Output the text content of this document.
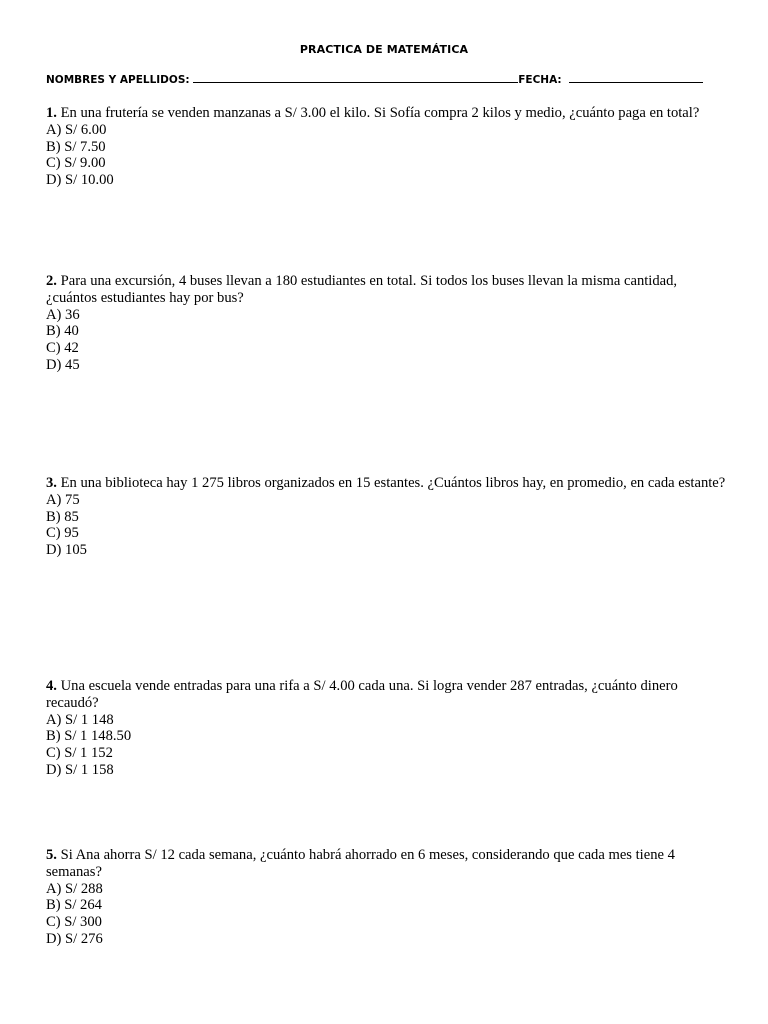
PRACTICA DE MATEMÁTICA
NOMBRES Y APELLIDOS:	FECHA:

1. En una frutería se venden manzanas a S/ 3.00 el kilo. Si Sofía compra 2 kilos y medio, ¿cuánto paga en total?

A) S/ 6.00

B) S/ 7.50

C) S/ 9.00

D) S/ 10.00

2. Para una excursión, 4 buses llevan a 180 estudiantes en total. Si todos los buses llevan la misma cantidad, ¿cuántos estudiantes hay por bus?

A) 36

B) 40

C) 42

D) 45

3. En una biblioteca hay 1 275 libros organizados en 15 estantes. ¿Cuántos libros hay, en promedio, en cada estante?

A) 75

B) 85

C) 95

D) 105

4. Una escuela vende entradas para una rifa a S/ 4.00 cada una. Si logra vender 287 entradas, ¿cuánto dinero recaudó?

A) S/ 1 148

B) S/ 1 148.50

C) S/ 1 152

D) S/ 1 158

5. Si Ana ahorra S/ 12 cada semana, ¿cuánto habrá ahorrado en 6 meses, considerando que cada mes tiene 4 semanas?

A) S/ 288

B) S/ 264

C) S/ 300

D) S/ 276
